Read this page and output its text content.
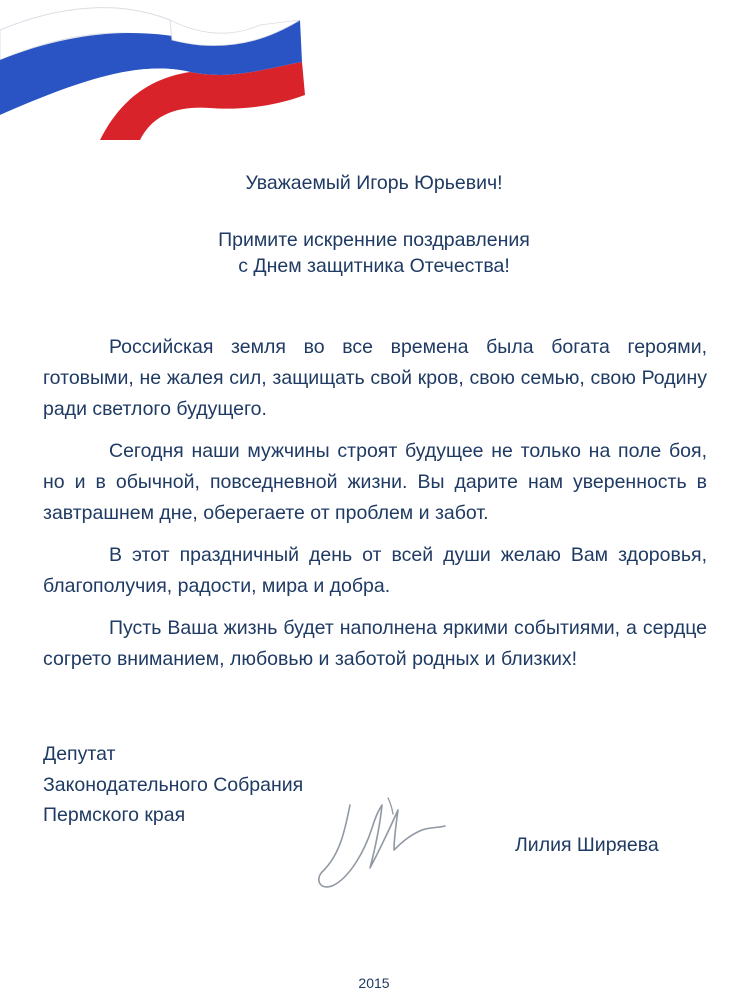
Уважаемый Игорь Юрьевич!
Примите искренние поздравления
с Днем защитника Отечества!

Российская земля во все времена была богата героями, готовыми, не жалея сил, защищать свой кров, свою семью, свою Родину ради светлого будущего.

Сегодня наши мужчины строят будущее не только на поле боя, но и в обычной, повседневной жизни. Вы дарите нам уверенность в завтрашнем дне, оберегаете от проблем и забот.

В этот праздничный день от всей души желаю Вам здоровья, благополучия, радости, мира и добра.

Пусть Ваша жизнь будет наполнена яркими событиями, а сердце согрето вниманием, любовью и заботой родных и близких!

Депутат
Законодательного Собрания
Пермского края
Лилия Ширяева
2015
